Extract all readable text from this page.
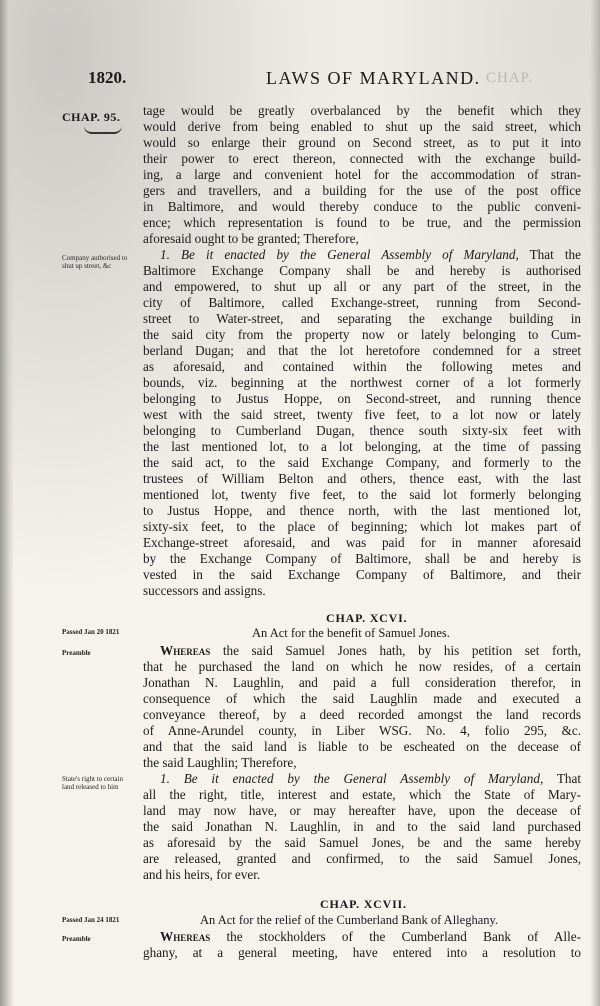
1820.	LAWS OF MARYLAND. CHAP.
CHAP. 95.
Company authorised to shut up street, &c
Passed Jan 20 1821
Preamble
State's right to certain land released to him
Passed Jan 24 1821
Preamble
tage would be greatly overbalanced by the benefit which they
would derive from being enabled to shut up the said street, which
would so enlarge their ground on Second street, as to put it into
their power to erect thereon, connected with the exchange build-
ing, a large and convenient hotel for the accommodation of stran-
gers and travellers, and a building for the use of the post office
in Baltimore, and would thereby conduce to the public conveni-
ence; which representation is found to be true, and the permission
aforesaid ought to be granted; Therefore,
1. Be it enacted by the General Assembly of Maryland, That the
Baltimore Exchange Company shall be and hereby is authorised
and empowered, to shut up all or any part of the street, in the
city of Baltimore, called Exchange-street, running from Second-
street to Water-street, and separating the exchange building in
the said city from the property now or lately belonging to Cum-
berland Dugan; and that the lot heretofore condemned for a street
as aforesaid, and contained within the following metes and
bounds, viz. beginning at the northwest corner of a lot formerly
belonging to Justus Hoppe, on Second-street, and running thence
west with the said street, twenty five feet, to a lot now or lately
belonging to Cumberland Dugan, thence south sixty-six feet with
the last mentioned lot, to a lot belonging, at the time of passing
the said act, to the said Exchange Company, and formerly to the
trustees of William Belton and others, thence east, with the last
mentioned lot, twenty five feet, to the said lot formerly belonging
to Justus Hoppe, and thence north, with the last mentioned lot,
sixty-six feet, to the place of beginning; which lot makes part of
Exchange-street aforesaid, and was paid for in manner aforesaid
by the Exchange Company of Baltimore, shall be and hereby is
vested in the said Exchange Company of Baltimore, and their
successors and assigns.
CHAP. XCVI.
An Act for the benefit of Samuel Jones.
Whereas the said Samuel Jones hath, by his petition set forth,
that he purchased the land on which he now resides, of a certain
Jonathan N. Laughlin, and paid a full consideration therefor, in
consequence of which the said Laughlin made and executed a
conveyance thereof, by a deed recorded amongst the land records
of Anne-Arundel county, in Liber WSG. No. 4, folio 295, &c.
and that the said land is liable to be escheated on the decease of
the said Laughlin; Therefore,
1. Be it enacted by the General Assembly of Maryland, That
all the right, title, interest and estate, which the State of Mary-
land may now have, or may hereafter have, upon the decease of
the said Jonathan N. Laughlin, in and to the said land purchased
as aforesaid by the said Samuel Jones, be and the same hereby
are released, granted and confirmed, to the said Samuel Jones,
and his heirs, for ever.
CHAP. XCVII.
An Act for the relief of the Cumberland Bank of Alleghany.
Whereas the stockholders of the Cumberland Bank of Alle-
ghany, at a general meeting, have entered into a resolution to
